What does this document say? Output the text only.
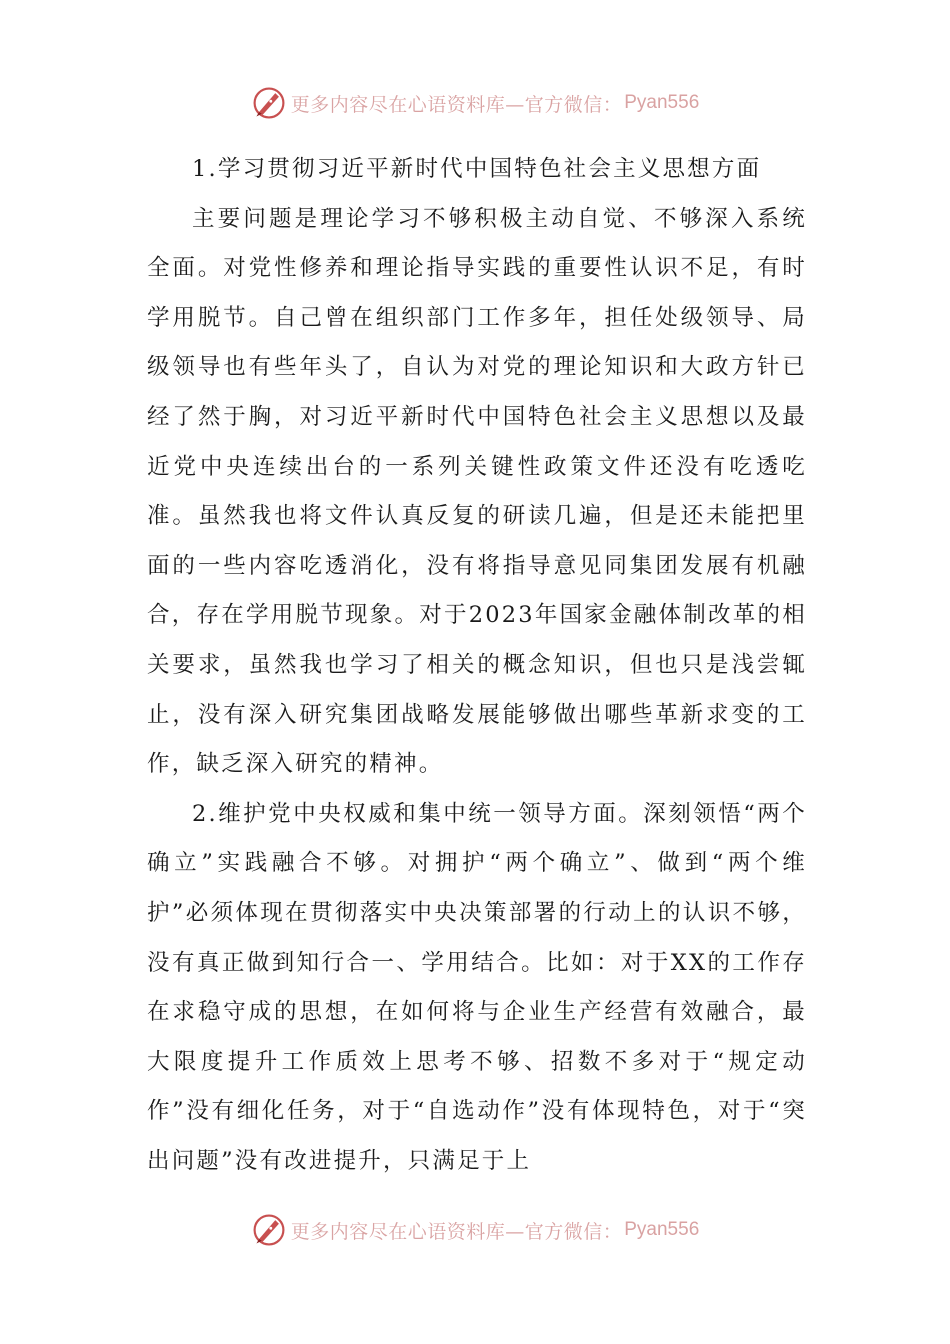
更多内容尽在心语资料库—官方微信： Pyan556

1.学习贯彻习近平新时代中国特色社会主义思想方面

主要问题是理论学习不够积极主动自觉、不够深入系统全面。对党性修养和理论指导实践的重要性认识不足，有时学用脱节。自己曾在组织部门工作多年，担任处级领导、局级领导也有些年头了，自认为对党的理论知识和大政方针已经了然于胸，对习近平新时代中国特色社会主义思想以及最近党中央连续出台的一系列关键性政策文件还没有吃透吃准。虽然我也将文件认真反复的研读几遍，但是还未能把里面的一些内容吃透消化，没有将指导意见同集团发展有机融合，存在学用脱节现象。对于2023年国家金融体制改革的相关要求，虽然我也学习了相关的概念知识，但也只是浅尝辄止，没有深入研究集团战略发展能够做出哪些革新求变的工作，缺乏深入研究的精神。

2.维护党中央权威和集中统一领导方面。深刻领悟“两个确立”实践融合不够。对拥护“两个确立”、做到“两个维护”必须体现在贯彻落实中央决策部署的行动上的认识不够，没有真正做到知行合一、学用结合。比如：对于XX的工作存在求稳守成的思想，在如何将与企业生产经营有效融合，最大限度提升工作质效上思考不够、招数不多对于“规定动作”没有细化任务，对于“自选动作”没有体现特色，对于“突出问题”没有改进提升，只满足于上

更多内容尽在心语资料库—官方微信： Pyan556
